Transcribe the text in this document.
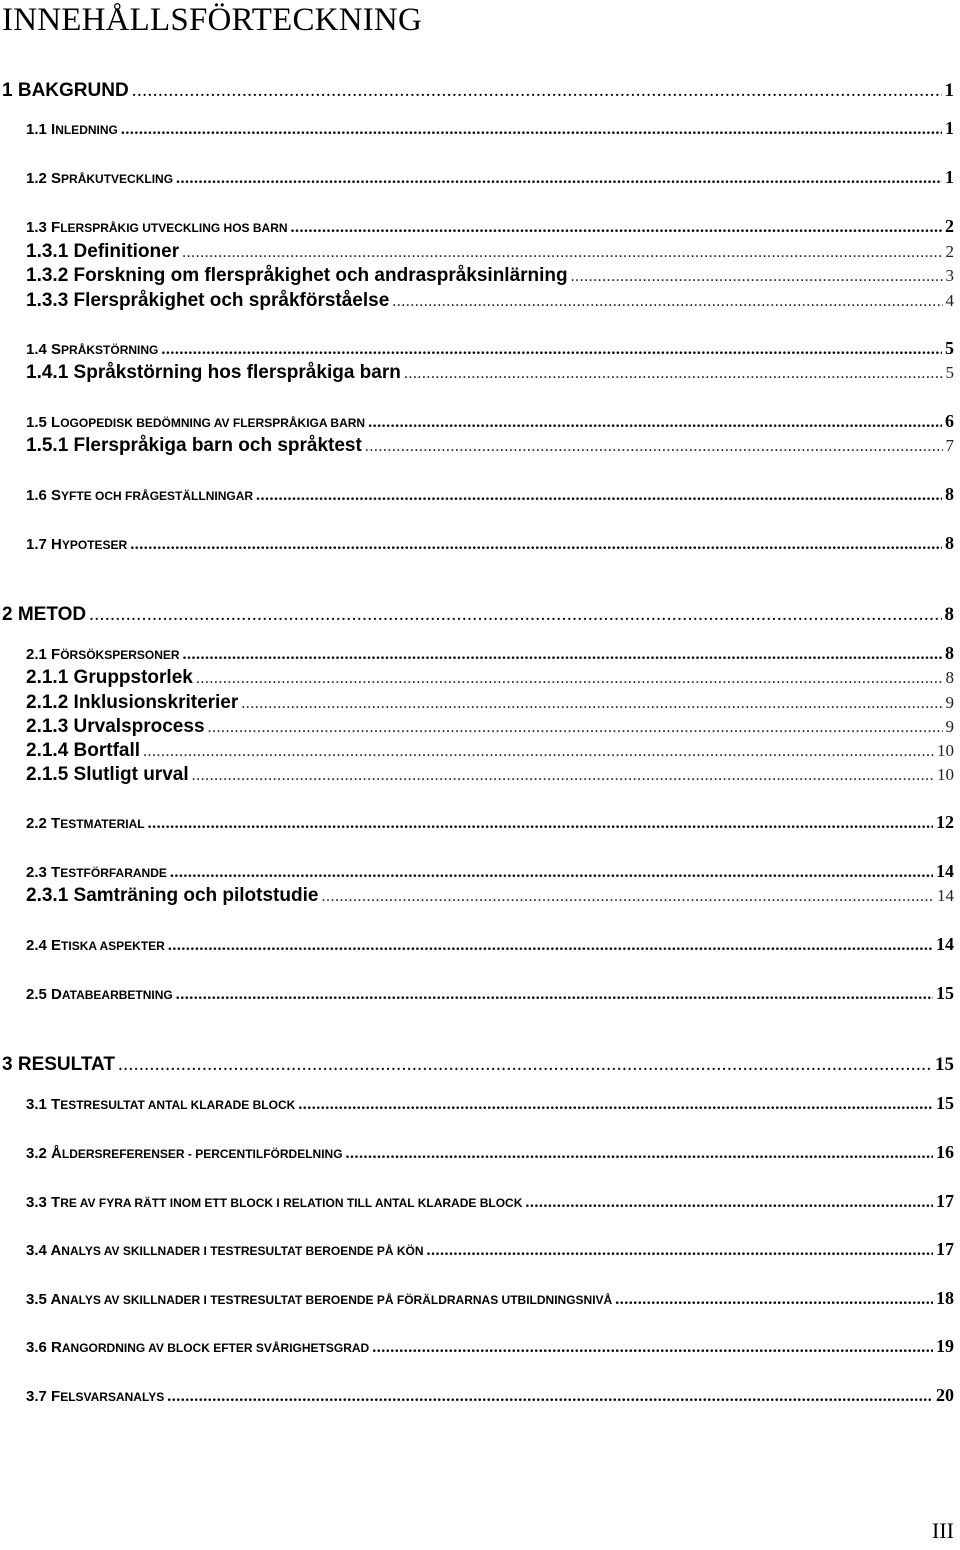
INNEHÅLLSFÖRTECKNING
1 BAKGRUND .....	1
1.1 INLEDNING .....	1
1.2 SPRÅKUTVECKLING .....	1
1.3 FLERSPRÅKIG UTVECKLING HOS BARN .....	2
1.3.1 Definitioner .....	2
1.3.2 Forskning om flerspråkighet och andraspråksinlärning .....	3
1.3.3 Flerspråkighet och språkförståelse .....	4
1.4 SPRÅKSTÖRNING .....	5
1.4.1 Språkstörning hos flerspråkiga barn .....	5
1.5 LOGOPEDISK BEDÖMNING AV FLERSPRÅKIGA BARN .....	6
1.5.1 Flerspråkiga barn och språktest .....	7
1.6 SYFTE OCH FRÅGESTÄLLNINGAR .....	8
1.7 HYPOTESER .....	8
2 METOD .....	8
2.1 FÖRSÖKSPERSONER .....	8
2.1.1 Gruppstorlek .....	8
2.1.2 Inklusionskriterier .....	9
2.1.3 Urvalsprocess .....	9
2.1.4 Bortfall .....	10
2.1.5 Slutligt urval .....	10
2.2 TESTMATERIAL .....	12
2.3 TESTFÖRFARANDE .....	14
2.3.1 Samträning och pilotstudie .....	14
2.4 ETISKA ASPEKTER .....	14
2.5 DATABEARBETNING .....	15
3 RESULTAT .....	15
3.1 TESTRESULTAT ANTAL KLARADE BLOCK .....	15
3.2 ÅLDERSREFERENSER - PERCENTILFÖRDELNING .....	16
3.3 TRE AV FYRA RÄTT INOM ETT BLOCK I RELATION TILL ANTAL KLARADE BLOCK .....	17
3.4 ANALYS AV SKILLNADER I TESTRESULTAT BEROENDE PÅ KÖN .....	17
3.5 ANALYS AV SKILLNADER I TESTRESULTAT BEROENDE PÅ FÖRÄLDRARNAS UTBILDNINGSNIVÅ .....	18
3.6 RANGORDNING AV BLOCK EFTER SVÅRIGHETSGRAD .....	19
3.7 FELSVARSANALYS .....	20
III
